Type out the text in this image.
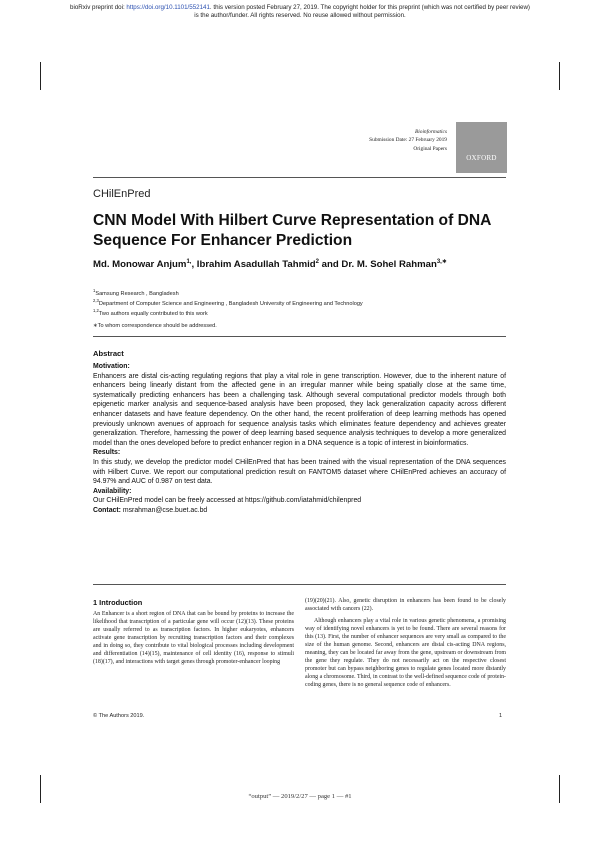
bioRxiv preprint doi: https://doi.org/10.1101/552141. this version posted February 27, 2019. The copyright holder for this preprint (which was not certified by peer review)
is the author/funder. All rights reserved. No reuse allowed without permission.
Bioinformatics
Submission Date: 27 February 2019
Original Papers
OXFORD
CHilEnPred
CNN Model With Hilbert Curve Representation of DNA Sequence For Enhancer Prediction
Md. Monowar Anjum$^{1,}$, Ibrahim Asadullah Tahmid$^2$ and Dr. M. Sohel Rahman$^{3,∗}$
$^1$Samsung Research , Bangladesh
$^{2,3}$Department of Computer Science and Engineering , Bangladesh University of Engineering and Technology
$^{1,2}$Two authors equally contributed to this work
∗To whom correspondence should be addressed.
Abstract

Motivation:

Enhancers are distal cis-acting regulating regions that play a vital role in gene transcription. However, due to the inherent nature of enhancers being linearly distant from the affected gene in an irregular manner while being spatially close at the same time, systematically predicting enhancers has been a challenging task. Although several computational predictor models through both epigenetic marker analysis and sequence-based analysis have been proposed, they lack generalization capacity across different enhancer datasets and have feature dependency. On the other hand, the recent proliferation of deep learning methods has opened previously unknown avenues of approach for sequence analysis tasks which eliminates feature dependency and achieves greater generalization. Therefore, harnessing the power of deep learning based sequence analysis techniques to develop a more generalized model than the ones developed before to predict enhancer region in a DNA sequence is a topic of interest in bioinformatics.

Results:

In this study, we develop the predictor model CHilEnPred that has been trained with the visual representation of the DNA sequences with Hilbert Curve. We report our computational prediction result on FANTOM5 dataset where CHilEnPred achieves an accuracy of 94.97% and AUC of 0.987 on test data.

Availability:

Our CHilEnPred model can be freely accessed at https://github.com/iatahmid/chilenpred

Contact: msrahman@cse.buet.ac.bd

1 Introduction

An Enhancer is a short region of DNA that can be bound by proteins to increase the likelihood that transcription of a particular gene will occur (12)(13). These proteins are usually referred to as transcription factors. In higher eukaryotes, enhancers activate gene transcription by recruiting transcription factors and their complexes and in doing so, they contribute to vital biological processes including development and differentiation (14)(15), maintenance of cell identity (16), response to stimuli (18)(17), and interactions with target genes through promoter-enhancer looping

(19)(20)(21). Also, genetic disruption in enhancers has been found to be closely associated with cancers (22).

Although enhancers play a vital role in various genetic phenomena, a promising way of identifying novel enhancers is yet to be found. There are several reasons for this (13). First, the number of enhancer sequences are very small as compared to the size of the human genome. Second, enhancers are distal cis-acting DNA regions, meaning, they can be located far away from the gene, upstream or downstream from the gene they regulate. They do not necessarily act on the respective closest promoter but can bypass neighboring genes to regulate genes located more distantly along a chromosome. Third, in contrast to the well-defined sequence code of protein-coding genes, there is no general sequence code of enhancers.

© The Authors 2019.	1
“output” — 2019/2/27 — page 1 — #1
